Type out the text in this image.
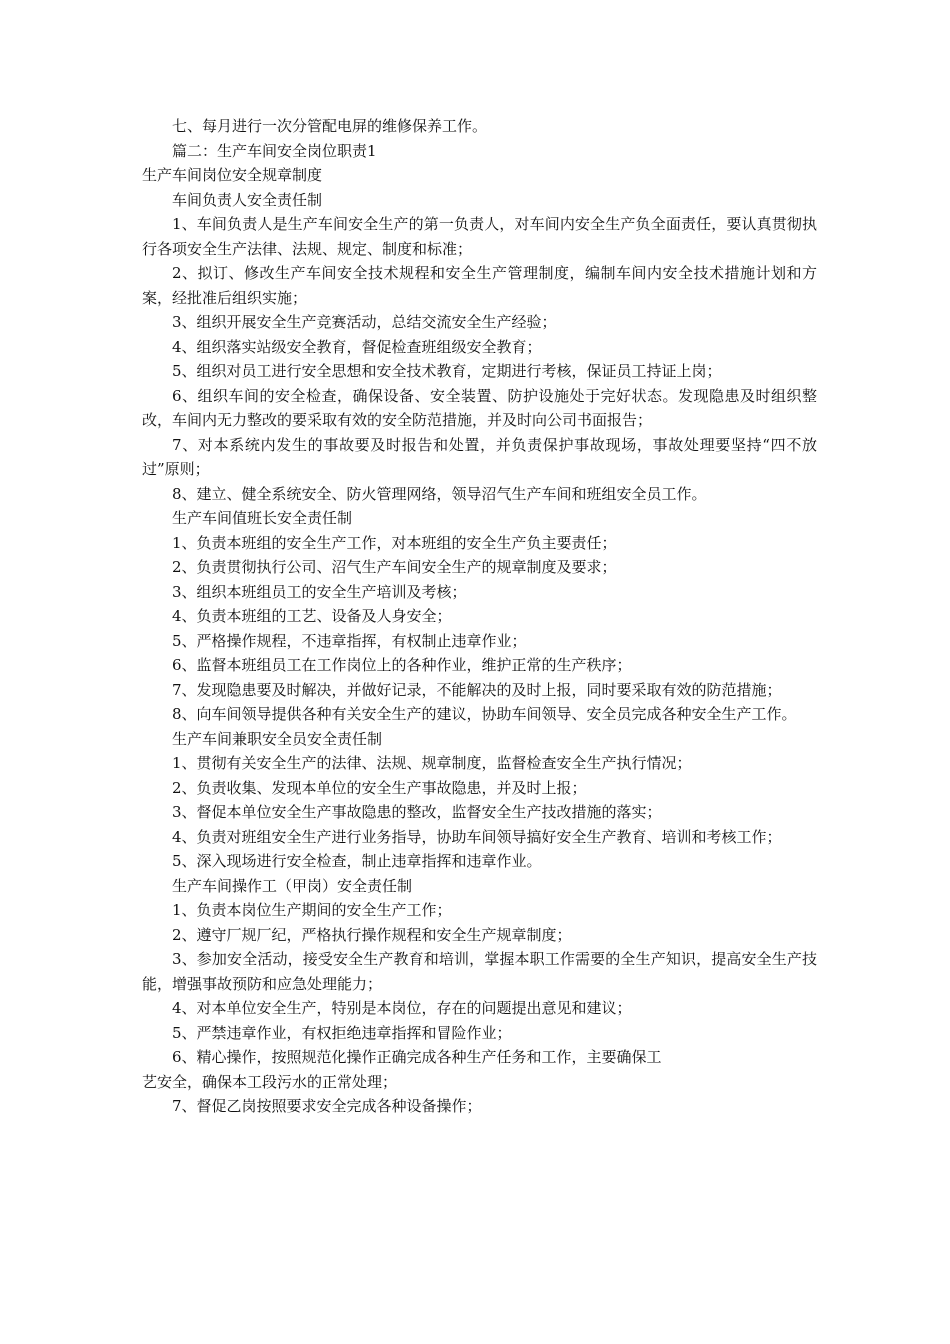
七、每月进行一次分管配电屏的维修保养工作。

篇二：生产车间安全岗位职责1

生产车间岗位安全规章制度

车间负责人安全责任制

1、车间负责人是生产车间安全生产的第一负责人，对车间内安全生产负全面责任，要认真贯彻执行各项安全生产法律、法规、规定、制度和标准；

2、拟订、修改生产车间安全技术规程和安全生产管理制度，编制车间内安全技术措施计划和方案，经批准后组织实施；

3、组织开展安全生产竞赛活动，总结交流安全生产经验；

4、组织落实站级安全教育，督促检查班组级安全教育；

5、组织对员工进行安全思想和安全技术教育，定期进行考核，保证员工持证上岗；

6、组织车间的安全检查，确保设备、安全装置、防护设施处于完好状态。发现隐患及时组织整改，车间内无力整改的要采取有效的安全防范措施，并及时向公司书面报告；

7、对本系统内发生的事故要及时报告和处置，并负责保护事故现场，事故处理要坚持“四不放过”原则；

8、建立、健全系统安全、防火管理网络，领导沼气生产车间和班组安全员工作。

生产车间值班长安全责任制

1、负责本班组的安全生产工作，对本班组的安全生产负主要责任；

2、负责贯彻执行公司、沼气生产车间安全生产的规章制度及要求；

3、组织本班组员工的安全生产培训及考核；

4、负责本班组的工艺、设备及人身安全；

5、严格操作规程，不违章指挥，有权制止违章作业；

6、监督本班组员工在工作岗位上的各种作业，维护正常的生产秩序；

7、发现隐患要及时解决，并做好记录，不能解决的及时上报，同时要采取有效的防范措施；

8、向车间领导提供各种有关安全生产的建议，协助车间领导、安全员完成各种安全生产工作。

生产车间兼职安全员安全责任制

1、贯彻有关安全生产的法律、法规、规章制度，监督检查安全生产执行情况；

2、负责收集、发现本单位的安全生产事故隐患，并及时上报；

3、督促本单位安全生产事故隐患的整改，监督安全生产技改措施的落实；

4、负责对班组安全生产进行业务指导，协助车间领导搞好安全生产教育、培训和考核工作；

5、深入现场进行安全检查，制止违章指挥和违章作业。

生产车间操作工（甲岗）安全责任制

1、负责本岗位生产期间的安全生产工作；

2、遵守厂规厂纪，严格执行操作规程和安全生产规章制度；

3、参加安全活动，接受安全生产教育和培训，掌握本职工作需要的全生产知识，提高安全生产技能，增强事故预防和应急处理能力；

4、对本单位安全生产，特别是本岗位，存在的问题提出意见和建议；

5、严禁违章作业，有权拒绝违章指挥和冒险作业；

6、精心操作，按照规范化操作正确完成各种生产任务和工作，主要确保工

艺安全，确保本工段污水的正常处理；

7、督促乙岗按照要求安全完成各种设备操作；
